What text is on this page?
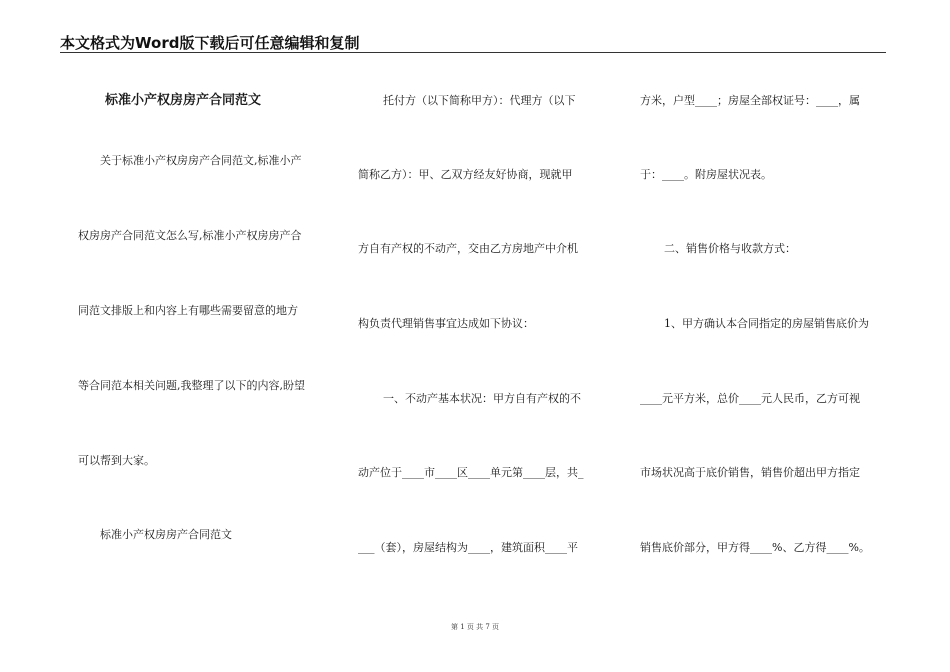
本文格式为Word版下载后可任意编辑和复制
标准小产权房房产合同范文
关于标准小产权房房产合同范文,标准小产
权房房产合同范文怎么写,标准小产权房房产合
同范文排版上和内容上有哪些需要留意的地方
等合同范本相关问题,我整理了以下的内容,盼望
可以帮到大家。
标准小产权房房产合同范文
托付方（以下简称甲方）：代理方（以下
简称乙方）：甲、乙双方经友好协商，现就甲
方自有产权的不动产，交由乙方房地产中介机
构负责代理销售事宜达成如下协议：
一、不动产基本状况：甲方自有产权的不
动产位于____市____区____单元第____层，共_
___（套），房屋结构为____，建筑面积____平
方米，户型____；房屋全部权证号：____，属
于：____。附房屋状况表。
二、销售价格与收款方式：
1、甲方确认本合同指定的房屋销售底价为
____元平方米，总价____元人民币，乙方可视
市场状况高于底价销售，销售价超出甲方指定
销售底价部分，甲方得____%、乙方得____%。
第 1 页 共 7 页
